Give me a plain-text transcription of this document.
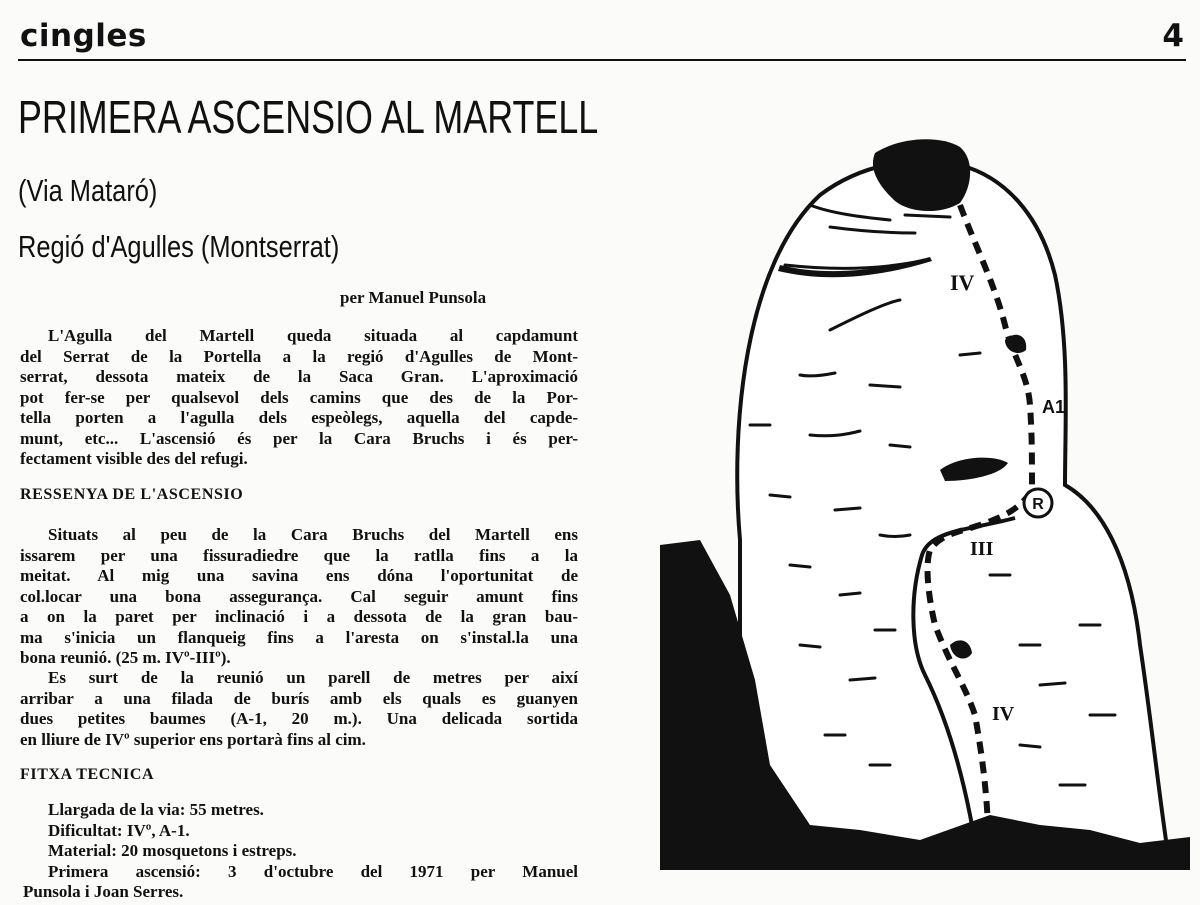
cingles	4
PRIMERA ASCENSIO AL MARTELL
(Via Mataró)
Regió d'Agulles (Montserrat)
per Manuel Punsola

L'Agulla del Martell queda situada al capdamunt

del Serrat de la Portella a la regió d'Agulles de Mont-

serrat, dessota mateix de la Saca Gran. L'aproximació

pot fer-se per qualsevol dels camins que des de la Por-

tella porten a l'agulla dels espeòlegs, aquella del capde-

munt, etc... L'ascensió és per la Cara Bruchs i és per-

fectament visible des del refugi.

RESSENYA DE L'ASCENSIO

Situats al peu de la Cara Bruchs del Martell ens

issarem per una fissuradiedre que la ratlla fins a la

meitat. Al mig una savina ens dóna l'oportunitat de

col.locar una bona assegurança. Cal seguir amunt fins

a on la paret per inclinació i a dessota de la gran bau-

ma s'inicia un flanqueig fins a l'aresta on s'instal.la una

bona reunió. (25 m. IVº-IIIº).

Es surt de la reunió un parell de metres per així

arribar a una filada de burís amb els quals es guanyen

dues petites baumes (A-1, 20 m.). Una delicada sortida

en lliure de IVº superior ens portarà fins al cim.

FITXA TECNICA
Llargada de la via: 55 metres.
Dificultat: IVº, A-1.
Material: 20 mosquetons i estreps.
Primera ascensió: 3 d'octubre del 1971 per Manuel
Punsola i Joan Serres.
R
IV
A1
III
IV
